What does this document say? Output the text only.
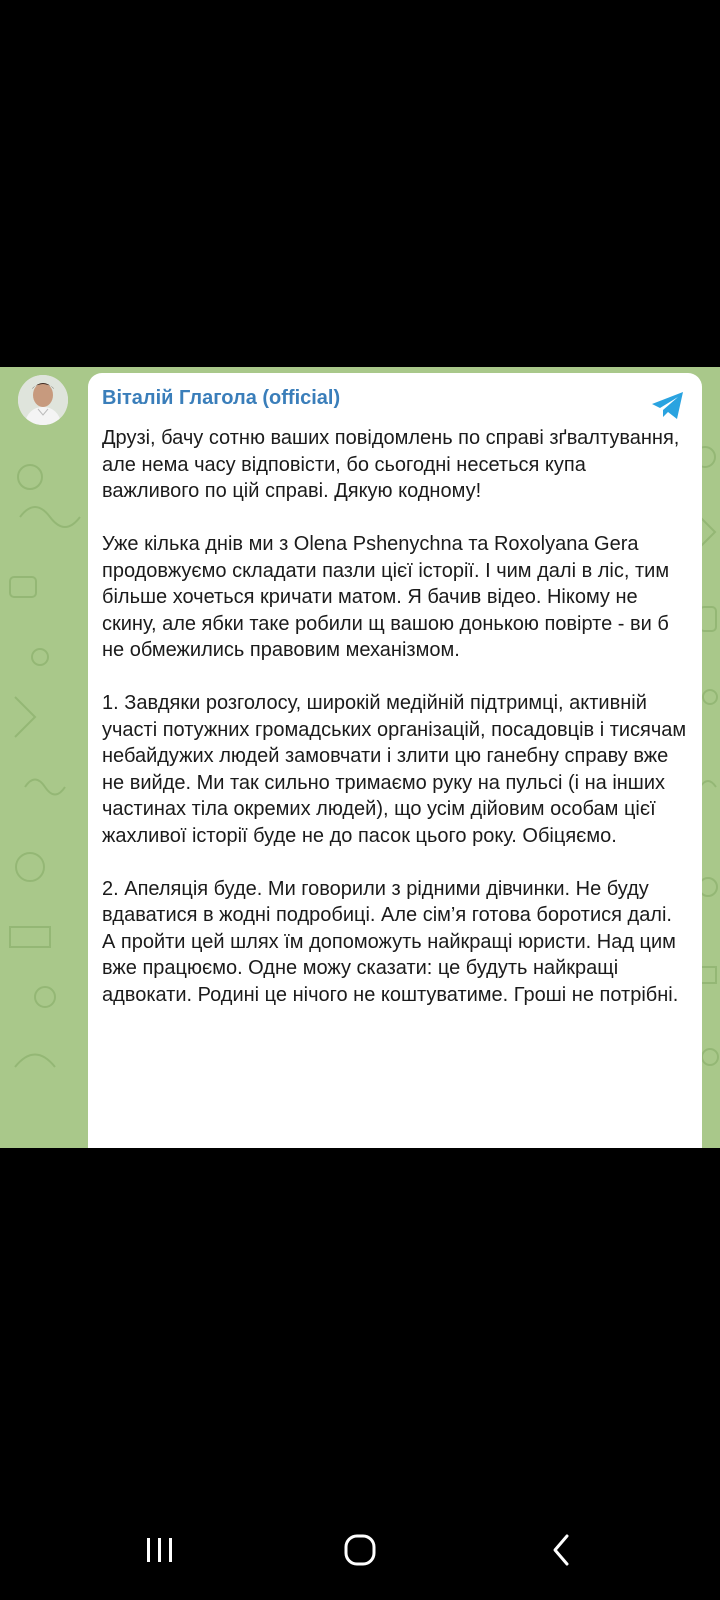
Віталій Глагола (official)
Друзі, бачу сотню ваших повідомлень по справі зґвалтування, але нема часу відповісти, бо сьогодні несеться купа важливого по цій справі. Дякую кодному!

Уже кілька днів ми з Olena Pshenychna та Roxolyana Gera продовжуємо складати пазли цієї історії. І чим далі в ліс, тим більше хочеться кричати матом. Я бачив відео. Нікому не скину, але ябки таке робили щ вашою донькою повірте - ви б не обмежились правовим механізмом.

1. Завдяки розголосу, широкій медійній підтримці, активній участі потужних громадських організацій, посадовців і тисячам небайдужих людей замовчати і злити цю ганебну справу вже не вийде. Ми так сильно тримаємо руку на пульсі (і на інших частинах тіла окремих людей), що усім дійовим особам цієї жахливої історії буде не до пасок цього року. Обіцяємо.

2. Апеляція буде. Ми говорили з рідними дівчинки. Не буду вдаватися в жодні подробиці. Але сім’я готова боротися далі. А пройти цей шлях їм допоможуть найкращі юристи. Над цим вже працюємо. Одне можу сказати: це будуть найкращі адвокати. Родині це нічого не коштуватиме. Гроші не потрібні.
